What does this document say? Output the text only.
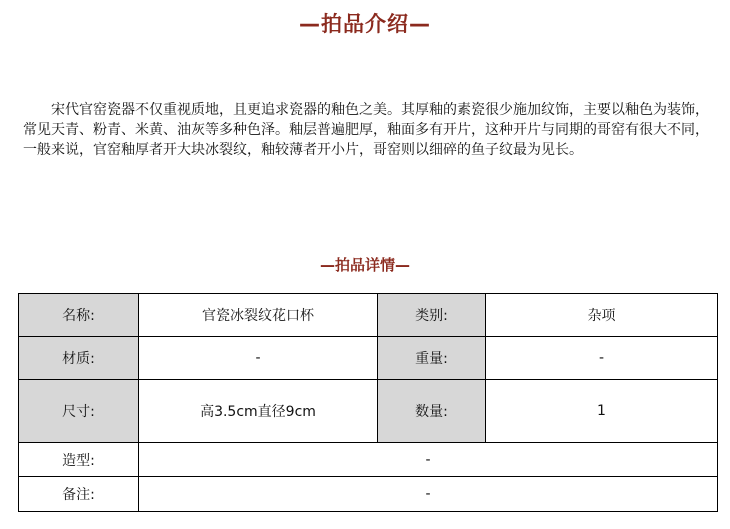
—拍品介绍—

宋代官窑瓷器不仅重视质地，且更追求瓷器的釉色之美。其厚釉的素瓷很少施加纹饰，主要以釉色为装饰，常见天青、粉青、米黄、油灰等多种色泽。釉层普遍肥厚，釉面多有开片，这种开片与同期的哥窑有很大不同，一般来说，官窑釉厚者开大块冰裂纹，釉较薄者开小片，哥窑则以细碎的鱼子纹最为见长。

—拍品详情—
名称:	官瓷冰裂纹花口杯	类别:	杂项
材质:	-	重量:	-
尺寸:	高3.5cm直径9cm	数量:	1
造型:	-		
备注:	-		
